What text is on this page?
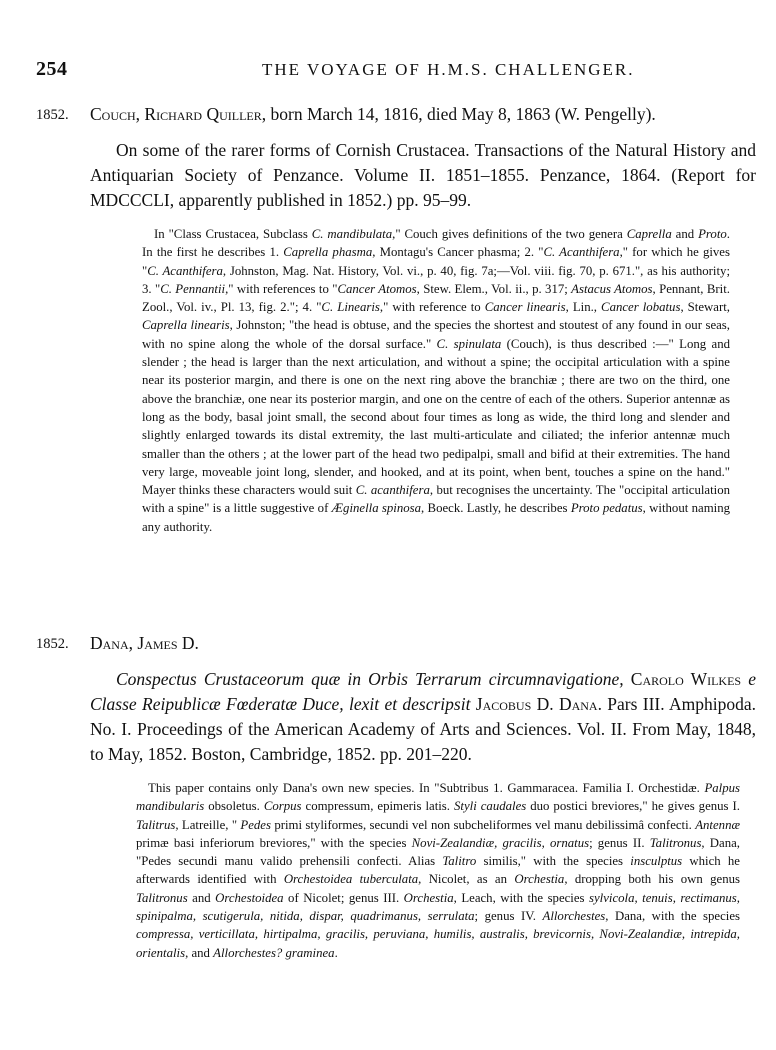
254	THE VOYAGE OF H.M.S. CHALLENGER.
1852. Couch, Richard Quiller, born March 14, 1816, died May 8, 1863 (W. Pengelly).
On some of the rarer forms of Cornish Crustacea. Transactions of the Natural History and Antiquarian Society of Penzance. Volume II. 1851–1855. Penzance, 1864. (Report for MDCCCLI, apparently published in 1852.) pp. 95–99.
In "Class Crustacea, Subclass C. mandibulata," Couch gives definitions of the two genera Caprella and Proto. In the first he describes 1. Caprella phasma, Montagu's Cancer phasma; 2. "C. Acanthifera," for which he gives "C. Acanthifera, Johnston, Mag. Nat. History, Vol. vi., p. 40, fig. 7a;—Vol. viii. fig. 70, p. 671.", as his authority; 3. "C. Pennantii," with references to "Cancer Atomos, Stew. Elem., Vol. ii., p. 317; Astacus Atomos, Pennant, Brit. Zool., Vol. iv., Pl. 13, fig. 2."; 4. "C. Linearis," with reference to Cancer linearis, Lin., Cancer lobatus, Stewart, Caprella linearis, Johnston; "the head is obtuse, and the species the shortest and stoutest of any found in our seas, with no spine along the whole of the dorsal surface." C. spinulata (Couch), is thus described :—" Long and slender ; the head is larger than the next articulation, and without a spine; the occipital articulation with a spine near its posterior margin, and there is one on the next ring above the branchiæ ; there are two on the third, one above the branchiæ, one near its posterior margin, and one on the centre of each of the others. Superior antennæ as long as the body, basal joint small, the second about four times as long as wide, the third long and slender and slightly enlarged towards its distal extremity, the last multi-articulate and ciliated; the inferior antennæ much smaller than the others ; at the lower part of the head two pedipalpi, small and bifid at their extremities. The hand very large, moveable joint long, slender, and hooked, and at its point, when bent, touches a spine on the hand." Mayer thinks these characters would suit C. acanthifera, but recognises the uncertainty. The "occipital articulation with a spine" is a little suggestive of Æginella spinosa, Boeck. Lastly, he describes Proto pedatus, without naming any authority.
1852. Dana, James D.
Conspectus Crustaceorum quæ in Orbis Terrarum circumnavigatione, Carolo Wilkes e Classe Reipublicæ Fœderatæ Duce, lexit et descripsit Jacobus D. Dana. Pars III. Amphipoda. No. I. Proceedings of the American Academy of Arts and Sciences. Vol. II. From May, 1848, to May, 1852. Boston, Cambridge, 1852. pp. 201–220.
This paper contains only Dana's own new species. In "Subtribus 1. Gammaracea. Familia I. Orchestidæ. Palpus mandibularis obsoletus. Corpus compressum, epimeris latis. Styli caudales duo postici breviores," he gives genus I. Talitrus, Latreille, " Pedes primi styliformes, secundi vel non subcheliformes vel manu debilissimâ confecti. Antennæ primæ basi inferiorum breviores," with the species Novi-Zealandiæ, gracilis, ornatus; genus II. Talitronus, Dana, "Pedes secundi manu valido prehensili confecti. Alias Talitro similis," with the species insculptus which he afterwards identified with Orchestoidea tuberculata, Nicolet, as an Orchestia, dropping both his own genus Talitronus and Orchestoidea of Nicolet; genus III. Orchestia, Leach, with the species sylvicola, tenuis, rectimanus, spinipalma, scutigerula, nitida, dispar, quadrimanus, serrulata; genus IV. Allorchestes, Dana, with the species compressa, verticillata, hirtipalma, gracilis, peruviana, humilis, australis, brevicornis, Novi-Zealandiæ, intrepida, orientalis, and Allorchestes? graminea.
